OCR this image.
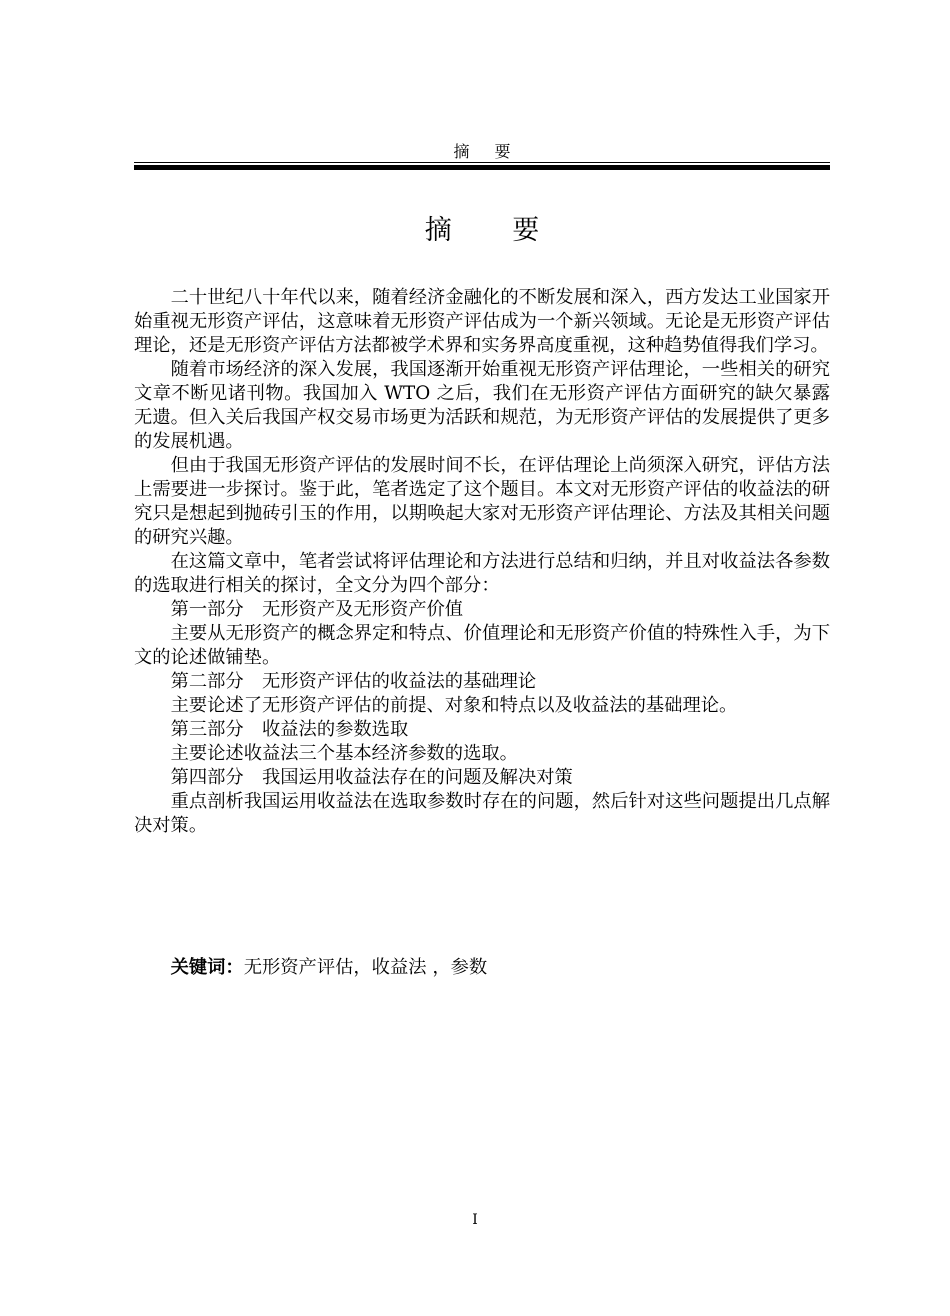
摘 要
摘 要

二十世纪八十年代以来，随着经济金融化的不断发展和深入，西方发达工业国家开始重视无形资产评估，这意味着无形资产评估成为一个新兴领域。无论是无形资产评估理论，还是无形资产评估方法都被学术界和实务界高度重视，这种趋势值得我们学习。

随着市场经济的深入发展，我国逐渐开始重视无形资产评估理论，一些相关的研究文章不断见诸刊物。我国加入 WTO 之后，我们在无形资产评估方面研究的缺欠暴露无遗。但入关后我国产权交易市场更为活跃和规范，为无形资产评估的发展提供了更多的发展机遇。

但由于我国无形资产评估的发展时间不长，在评估理论上尚须深入研究，评估方法上需要进一步探讨。鉴于此，笔者选定了这个题目。本文对无形资产评估的收益法的研究只是想起到抛砖引玉的作用，以期唤起大家对无形资产评估理论、方法及其相关问题的研究兴趣。

在这篇文章中，笔者尝试将评估理论和方法进行总结和归纳，并且对收益法各参数的选取进行相关的探讨，全文分为四个部分：

第一部分　无形资产及无形资产价值

主要从无形资产的概念界定和特点、价值理论和无形资产价值的特殊性入手，为下文的论述做铺垫。

第二部分　无形资产评估的收益法的基础理论

主要论述了无形资产评估的前提、对象和特点以及收益法的基础理论。

第三部分　收益法的参数选取

主要论述收益法三个基本经济参数的选取。

第四部分　我国运用收益法存在的问题及解决对策

重点剖析我国运用收益法在选取参数时存在的问题，然后针对这些问题提出几点解决对策。

关键词：无形资产评估，收益法 ，参数
I
